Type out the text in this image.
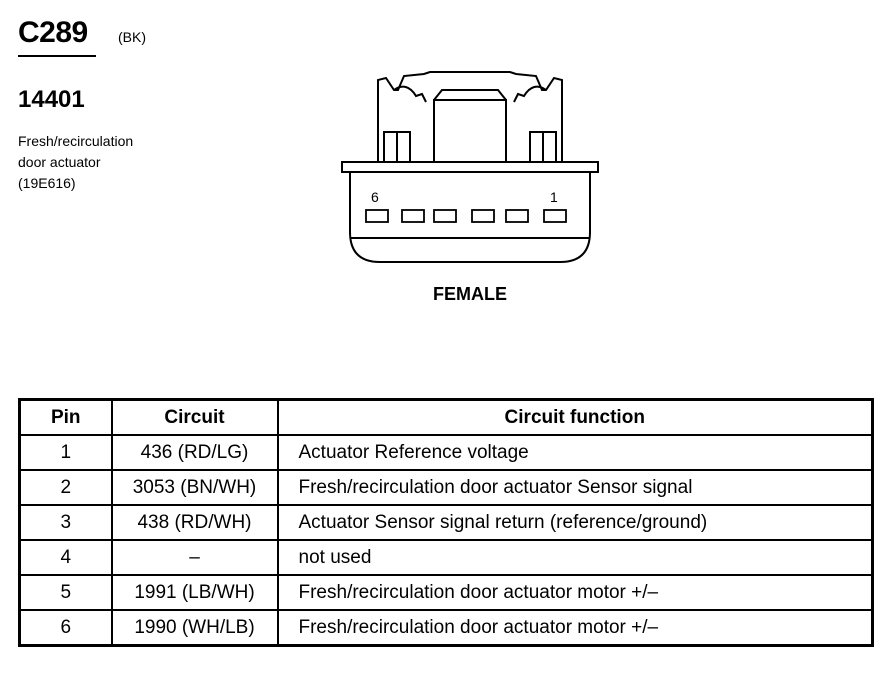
C289 (BK)
14401
Fresh/recirculation
door actuator
(19E616)
6	1
FEMALE
Pin	Circuit	Circuit function
1	436 (RD/LG)	Actuator Reference voltage
2	3053 (BN/WH)	Fresh/recirculation door actuator Sensor signal
3	438 (RD/WH)	Actuator Sensor signal return (reference/ground)
4	–	not used
5	1991 (LB/WH)	Fresh/recirculation door actuator motor +/–
6	1990 (WH/LB)	Fresh/recirculation door actuator motor +/–
